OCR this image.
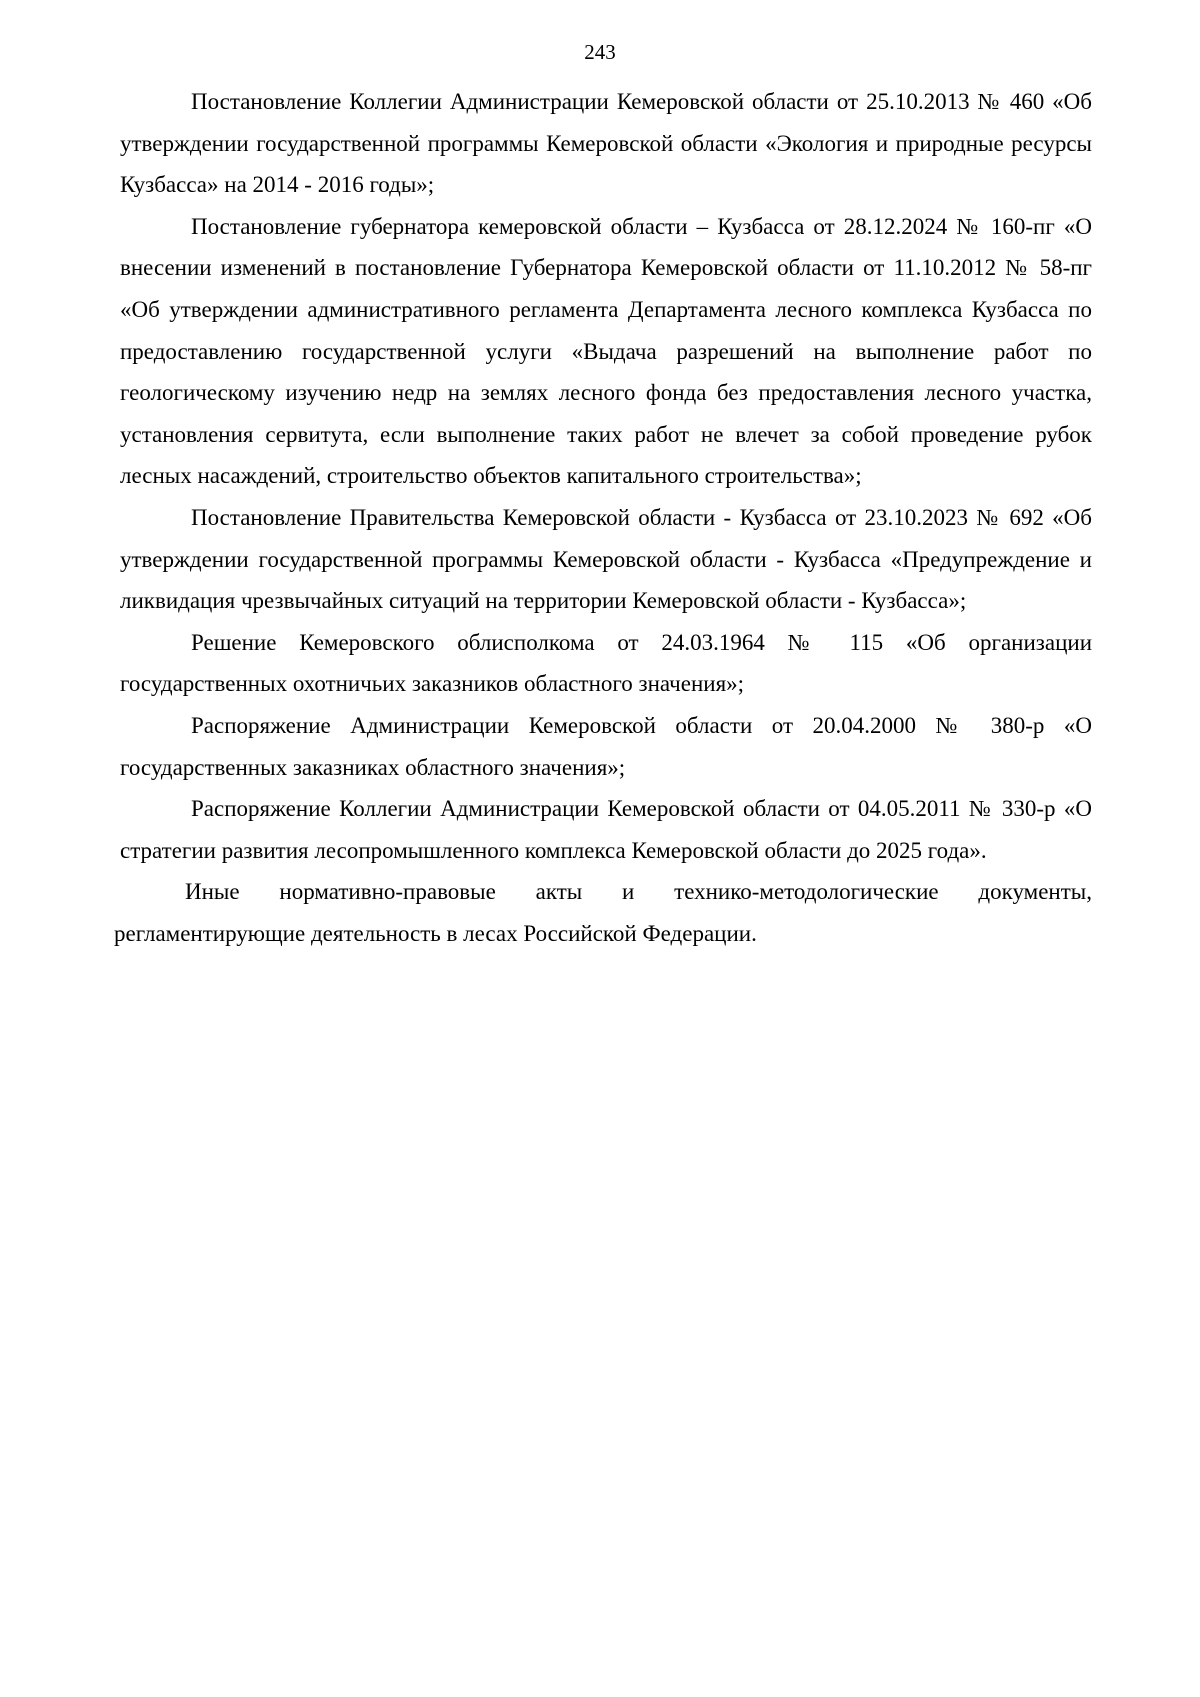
243

Постановление Коллегии Администрации Кемеровской области от 25.10.2013 № 460 «Об утверждении государственной программы Кемеровской области «Экология и природные ресурсы Кузбасса» на 2014 - 2016 годы»;

Постановление губернатора кемеровской области – Кузбасса от 28.12.2024 № 160-пг «О внесении изменений в постановление Губернатора Кемеровской области от 11.10.2012 № 58-пг «Об утверждении административного регламента Департамента лесного комплекса Кузбасса по предоставлению государственной услуги «Выдача разрешений на выполнение работ по геологическому изучению недр на землях лесного фонда без предоставления лесного участка, установления сервитута, если выполнение таких работ не влечет за собой проведение рубок лесных насаждений, строительство объектов капитального строительства»;

Постановление Правительства Кемеровской области - Кузбасса от 23.10.2023 № 692 «Об утверждении государственной программы Кемеровской области - Кузбасса «Предупреждение и ликвидация чрезвычайных ситуаций на территории Кемеровской области - Кузбасса»;

Решение Кемеровского облисполкома от 24.03.1964 № 115 «Об организации государственных охотничьих заказников областного значения»;

Распоряжение Администрации Кемеровской области от 20.04.2000 № 380-р «О государственных заказниках областного значения»;

Распоряжение Коллегии Администрации Кемеровской области от 04.05.2011 № 330-р «О стратегии развития лесопромышленного комплекса Кемеровской области до 2025 года».

Иные нормативно-правовые акты и технико-методологические документы, регламентирующие деятельность в лесах Российской Федерации.
